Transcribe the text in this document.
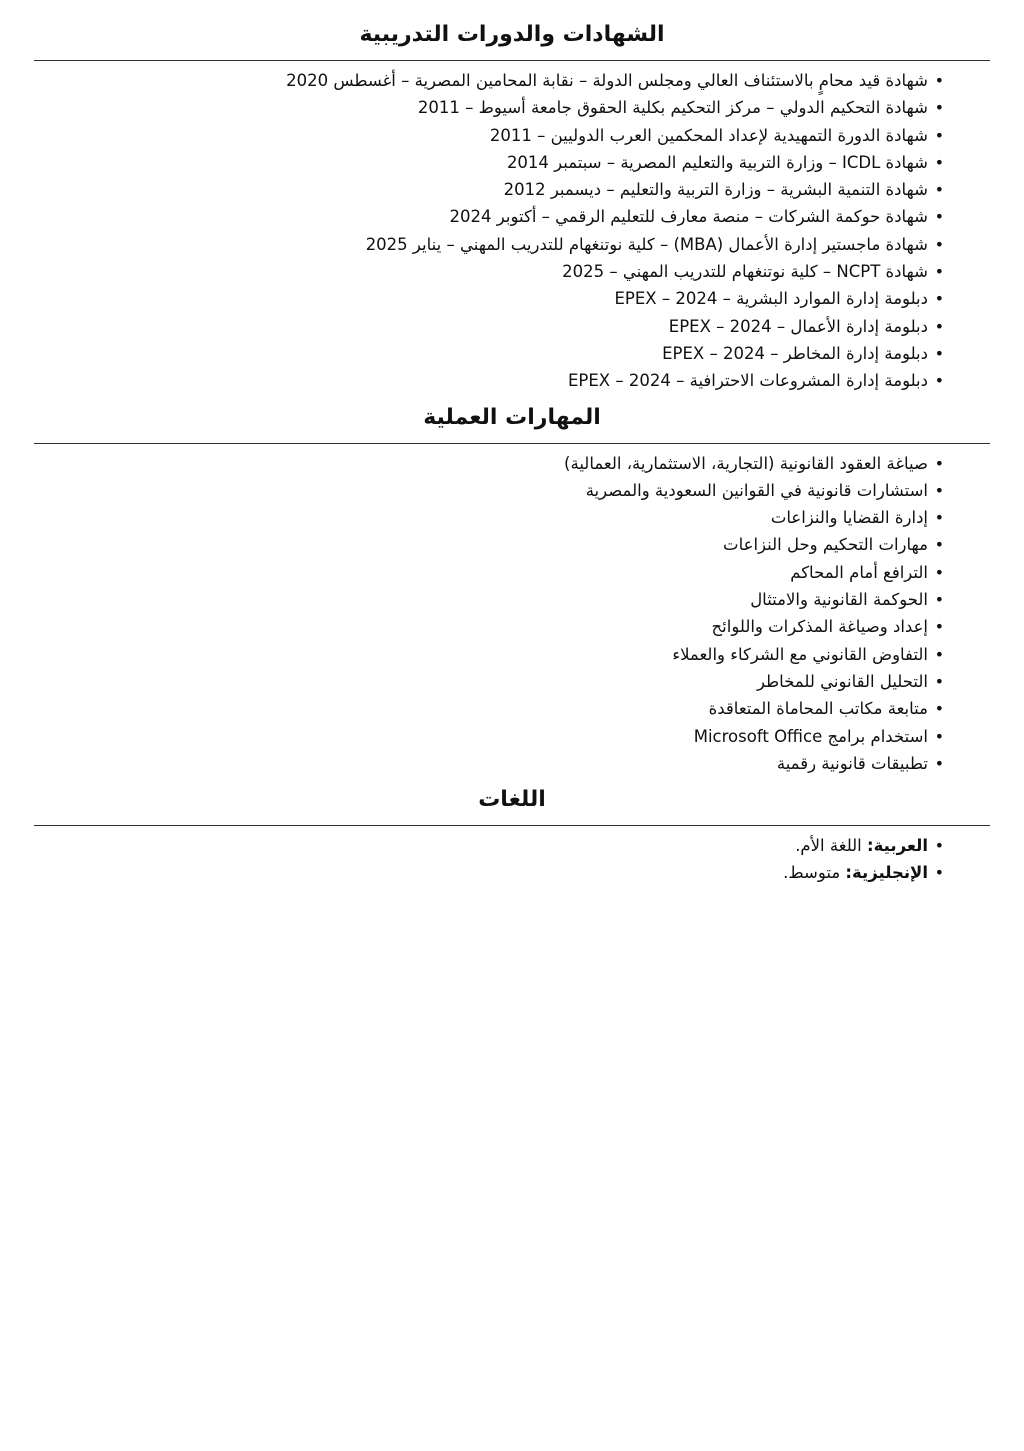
الشهادات والدورات التدريبية
• شهادة قيد محامٍ بالاستئناف العالي ومجلس الدولة – نقابة المحامين المصرية – أغسطس 2020
• شهادة التحكيم الدولي – مركز التحكيم بكلية الحقوق جامعة أسيوط – 2011
• شهادة الدورة التمهيدية لإعداد المحكمين العرب الدوليين – 2011
• شهادة ICDL – وزارة التربية والتعليم المصرية – سبتمبر 2014
• شهادة التنمية البشرية – وزارة التربية والتعليم – ديسمبر 2012
• شهادة حوكمة الشركات – منصة معارف للتعليم الرقمي – أكتوبر 2024
• شهادة ماجستير إدارة الأعمال (MBA) – كلية نوتنغهام للتدريب المهني – يناير 2025
• شهادة NCPT – كلية نوتنغهام للتدريب المهني – 2025
• دبلومة إدارة الموارد البشرية – 2024 – EPEX
• دبلومة إدارة الأعمال – 2024 – EPEX
• دبلومة إدارة المخاطر – 2024 – EPEX
• دبلومة إدارة المشروعات الاحترافية – 2024 – EPEX
المهارات العملية
• صياغة العقود القانونية (التجارية، الاستثمارية، العمالية)
• استشارات قانونية في القوانين السعودية والمصرية
• إدارة القضايا والنزاعات
• مهارات التحكيم وحل النزاعات
• الترافع أمام المحاكم
• الحوكمة القانونية والامتثال
• إعداد وصياغة المذكرات واللوائح
• التفاوض القانوني مع الشركاء والعملاء
• التحليل القانوني للمخاطر
• متابعة مكاتب المحاماة المتعاقدة
• استخدام برامج Microsoft Office
• تطبيقات قانونية رقمية
اللغات
• العربية: اللغة الأم.
• الإنجليزية: متوسط.
